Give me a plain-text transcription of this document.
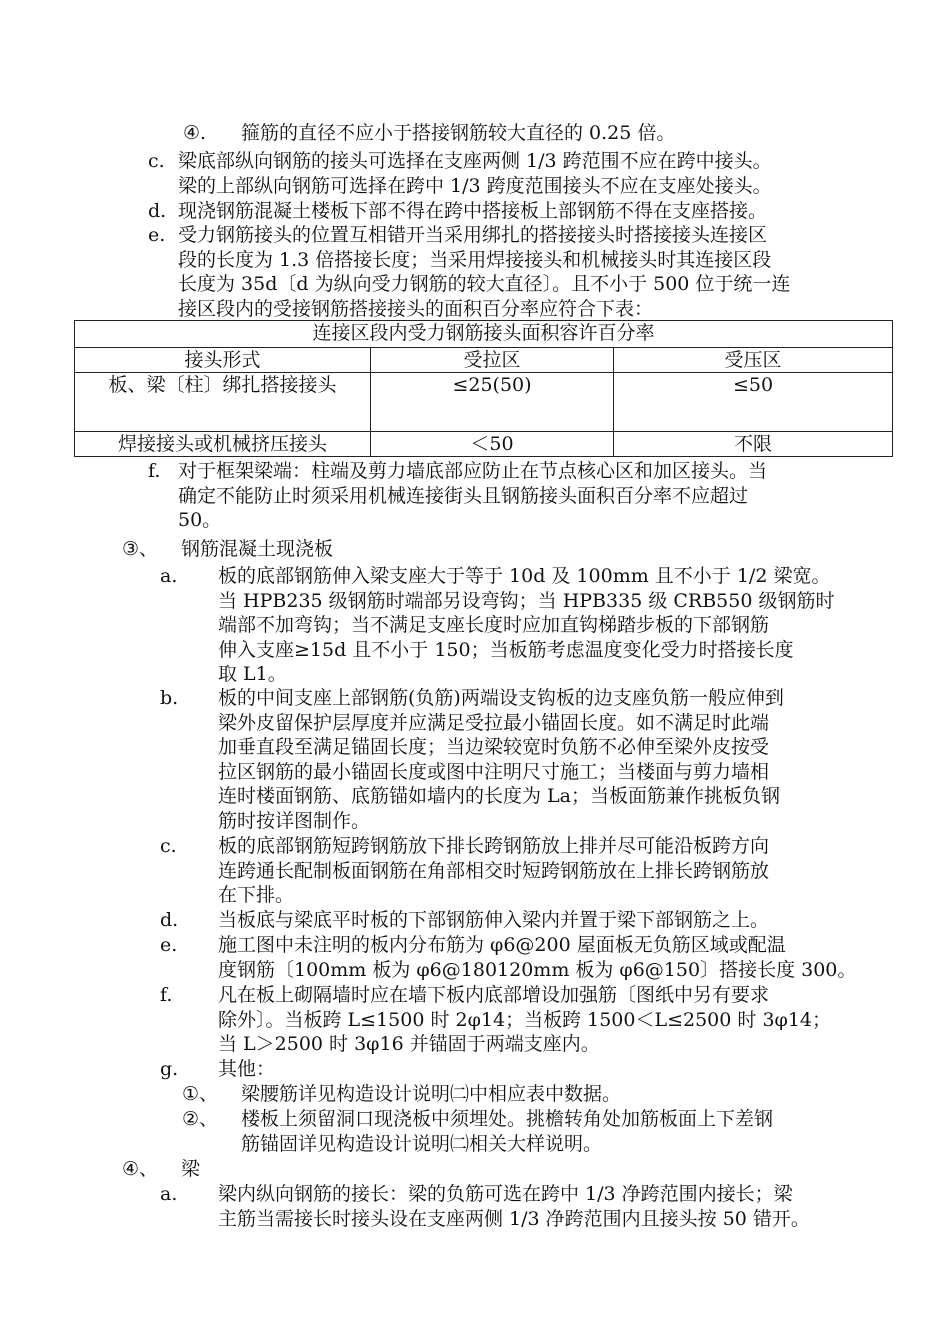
④. 箍筋的直径不应小于搭接钢筋较大直径的 0.25 倍。
c. 梁底部纵向钢筋的接头可选择在支座两侧 1/3 跨范围不应在跨中接头。
梁的上部纵向钢筋可选择在跨中 1/3 跨度范围接头不应在支座处接头。
d. 现浇钢筋混凝土楼板下部不得在跨中搭接板上部钢筋不得在支座搭接。
e. 受力钢筋接头的位置互相错开当采用绑扎的搭接接头时搭接接头连接区
段的长度为 1.3 倍搭接长度；当采用焊接接头和机械接头时其连接区段
长度为 35d〔d 为纵向受力钢筋的较大直径〕。且不小于 500 位于统一连
接区段内的受接钢筋搭接接头的面积百分率应符合下表：
f. 对于框架梁端：柱端及剪力墙底部应防止在节点核心区和加区接头。当
确定不能防止时须采用机械连接街头且钢筋接头面积百分率不应超过
50。
③、 钢筋混凝土现浇板
a. 板的底部钢筋伸入梁支座大于等于 10d 及 100mm 且不小于 1/2 梁宽。
当 HPB235 级钢筋时端部另设弯钩；当 HPB335 级 CRB550 级钢筋时
端部不加弯钩；当不满足支座长度时应加直钩梯踏步板的下部钢筋
伸入支座≥15d 且不小于 150；当板筋考虑温度变化受力时搭接长度
取 L1。
b. 板的中间支座上部钢筋(负筋)两端设支钩板的边支座负筋一般应伸到
梁外皮留保护层厚度并应满足受拉最小锚固长度。如不满足时此端
加垂直段至满足锚固长度；当边梁较宽时负筋不必伸至梁外皮按受
拉区钢筋的最小锚固长度或图中注明尺寸施工；当楼面与剪力墙相
连时楼面钢筋、底筋锚如墙内的长度为 La；当板面筋兼作挑板负钢
筋时按详图制作。
c. 板的底部钢筋短跨钢筋放下排长跨钢筋放上排并尽可能沿板跨方向
连跨通长配制板面钢筋在角部相交时短跨钢筋放在上排长跨钢筋放
在下排。
d. 当板底与梁底平时板的下部钢筋伸入梁内并置于梁下部钢筋之上。
e. 施工图中未注明的板内分布筋为 φ6@200 屋面板无负筋区域或配温
度钢筋〔100mm 板为 φ6@180120mm 板为 φ6@150〕搭接长度 300。
f. 凡在板上砌隔墙时应在墙下板内底部增设加强筋〔图纸中另有要求
除外〕。当板跨 L≤1500 时 2φ14；当板跨 1500＜L≤2500 时 3φ14；
当 L＞2500 时 3φ16 并锚固于两端支座内。
g. 其他：
①、 梁腰筋详见构造设计说明㈡中相应表中数据。
②、 楼板上须留洞口现浇板中须埋处。挑檐转角处加筋板面上下差钢
筋锚固详见构造设计说明㈡相关大样说明。
④、 梁
a. 梁内纵向钢筋的接长：梁的负筋可选在跨中 1/3 净跨范围内接长；梁
主筋当需接长时接头设在支座两侧 1/3 净跨范围内且接头按 50 错开。
连接区段内受力钢筋接头面积容许百分率		
接头形式	受拉区	受压区
板、梁〔柱〕绑扎搭接接头	≤25(50)	≤50
焊接接头或机械挤压接头	＜50	不限
